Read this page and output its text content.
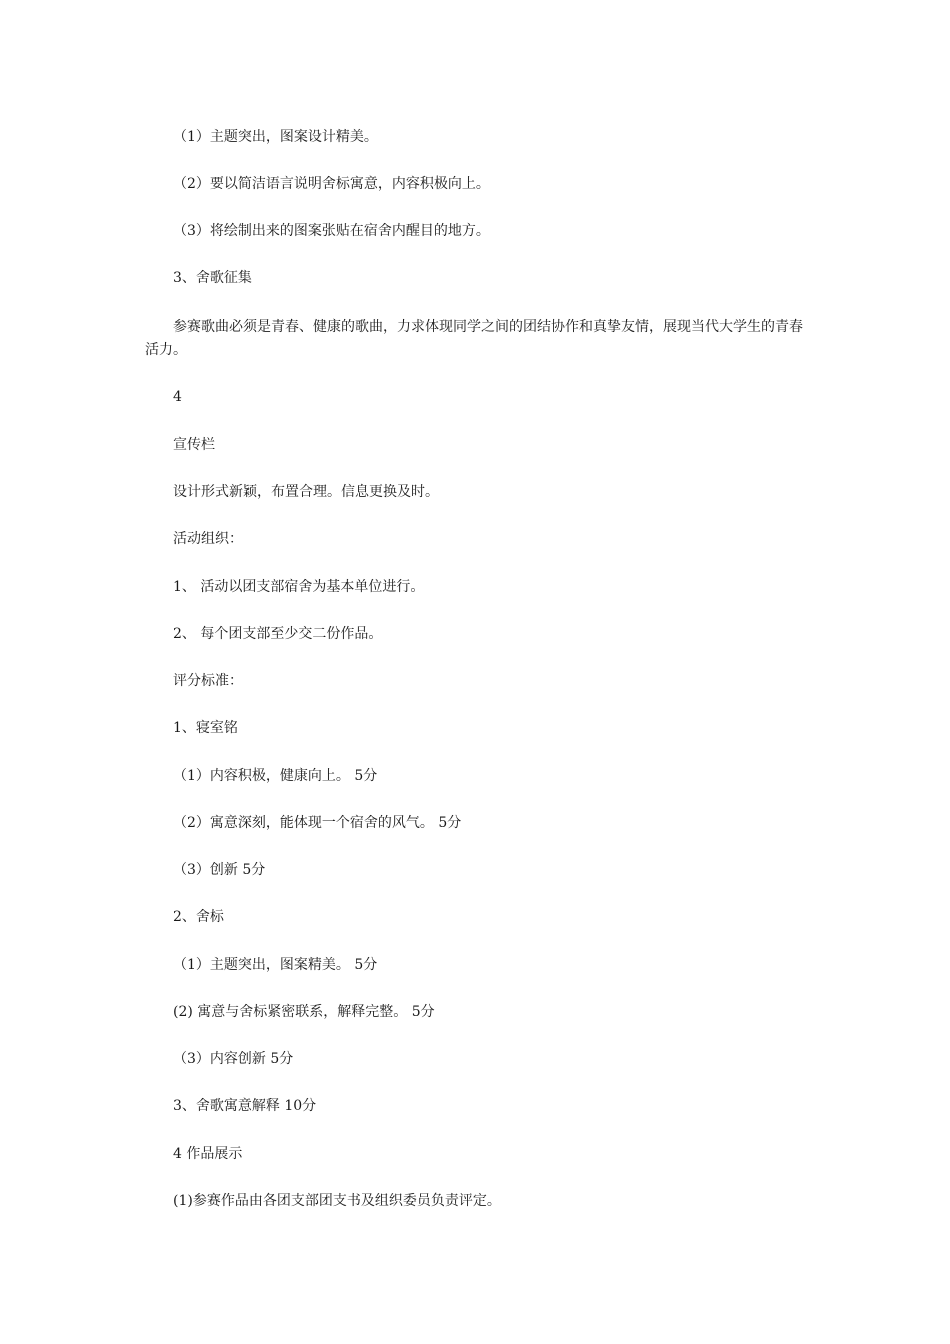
（1）主题突出，图案设计精美。
（2）要以简洁语言说明舍标寓意，内容积极向上。
（3）将绘制出来的图案张贴在宿舍内醒目的地方。
3、舍歌征集
参赛歌曲必须是青春、健康的歌曲，力求体现同学之间的团结协作和真挚友情，展现当代大学生的青春活力。
4
宣传栏
设计形式新颖，布置合理。信息更换及时。
活动组织：
1、 活动以团支部宿舍为基本单位进行。
2、 每个团支部至少交二份作品。
评分标准：
1、寝室铭
（1）内容积极，健康向上。 5分
（2）寓意深刻，能体现一个宿舍的风气。 5分
（3）创新 5分
2、舍标
（1）主题突出，图案精美。 5分
(2) 寓意与舍标紧密联系，解释完整。 5分
（3）内容创新 5分
3、舍歌寓意解释 10分
4 作品展示
(1)参赛作品由各团支部团支书及组织委员负责评定。
